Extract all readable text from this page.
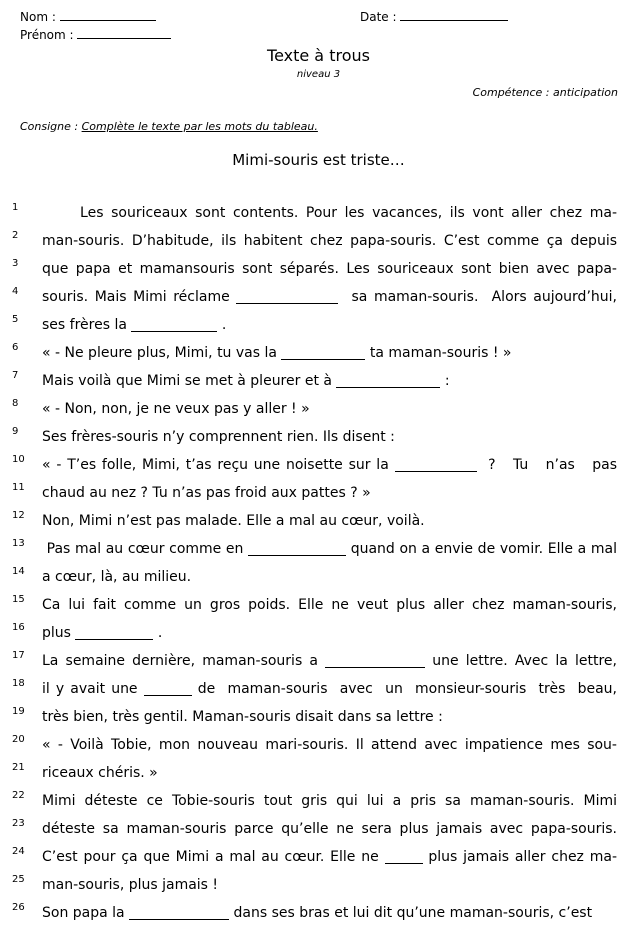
Nom :
Prénom :
Date :
Texte à trous
niveau 3
Compétence : anticipation
Consigne : Complète le texte par les mots du tableau.
Mimi-souris est triste…
1 Les souriceaux sont contents. Pour les vacances, ils vont aller chez ma-
2 man-souris. D’habitude, ils habitent chez papa-souris. C’est comme ça depuis
3 que papa et mamansouris sont séparés. Les souriceaux sont bien avec papa-
4 souris. Mais Mimi réclame	sa maman-souris.  Alors aujourd’hui,
5 ses frères la	.
6 « - Ne pleure plus, Mimi, tu vas la	ta maman-souris ! »
7 Mais voilà que Mimi se met à pleurer et à	:
8 « - Non, non, je ne veux pas y aller ! »
9 Ses frères-souris n’y comprennent rien. Ils disent :
10 « - T’es folle, Mimi, t’as reçu une noisette sur la	?   Tu   n’as   pas
11 chaud au nez ? Tu n’as pas froid aux pattes ? »
12 Non, Mimi n’est pas malade. Elle a mal au cœur, voilà.
13 Pas mal au cœur comme en	quand on a envie de vomir. Elle a mal
14 a cœur, là, au milieu.
15 Ca lui fait comme un gros poids. Elle ne veut plus aller chez maman-souris,
16 plus	.
17 La semaine dernière, maman-souris a	une lettre. Avec la lettre,
18 il y avait une	de  maman-souris  avec  un  monsieur-souris  très  beau,
19 très bien, très gentil. Maman-souris disait dans sa lettre :
20 « - Voilà Tobie, mon nouveau mari-souris. Il attend avec impatience mes sou-
21 riceaux chéris. »
22 Mimi déteste ce Tobie-souris tout gris qui lui a pris sa maman-souris. Mimi
23 déteste sa maman-souris parce qu’elle ne sera plus jamais avec papa-souris.
24 C’est pour ça que Mimi a mal au cœur. Elle ne	plus jamais aller chez ma-
25 man-souris, plus jamais !
26 Son papa la	dans ses bras et lui dit qu’une maman-souris, c’est
